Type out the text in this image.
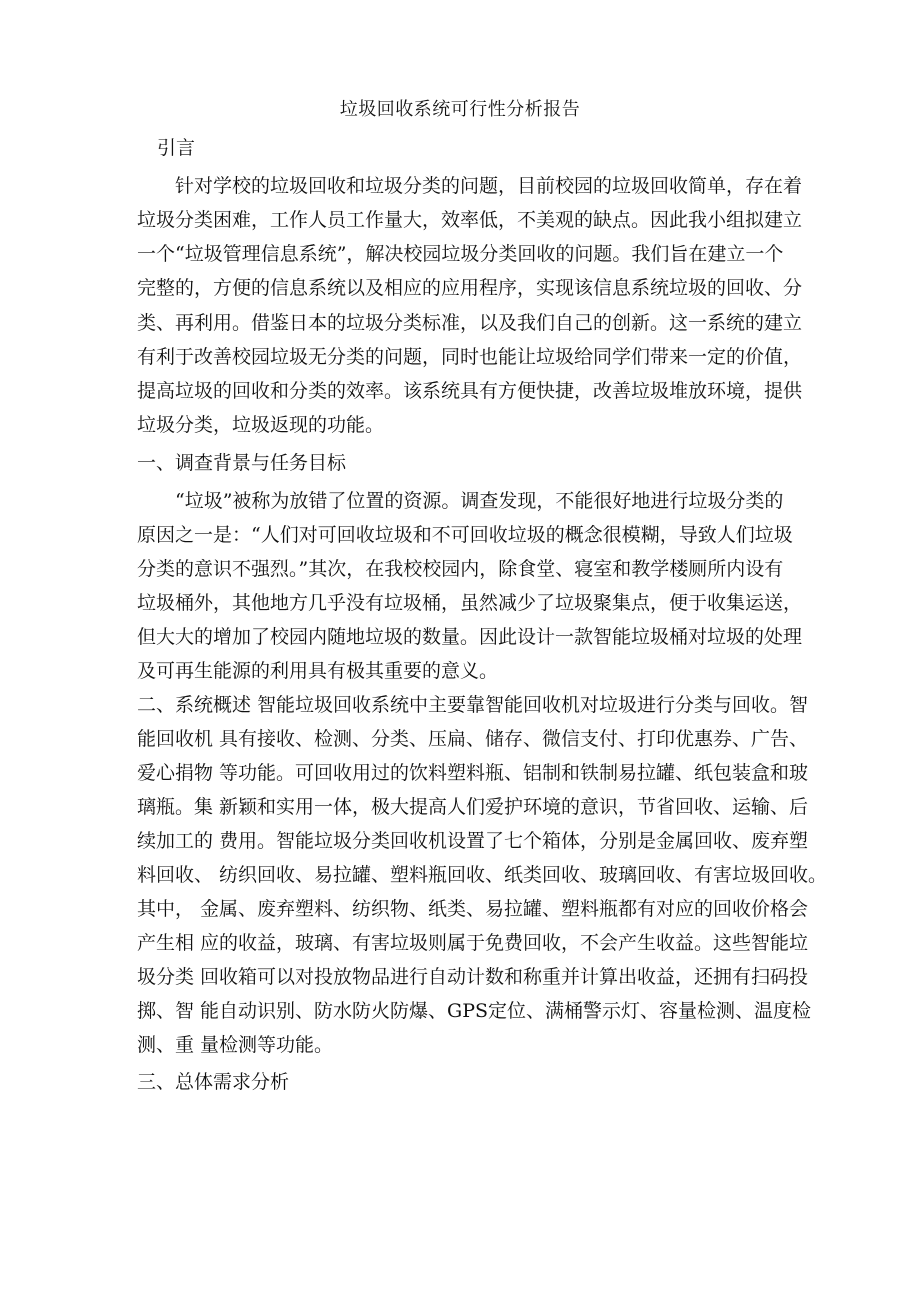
垃圾回收系统可行性分析报告
引言
针对学校的垃圾回收和垃圾分类的问题，目前校园的垃圾回收简单，存在着
垃圾分类困难，工作人员工作量大，效率低，不美观的缺点。因此我小组拟建立
一个“垃圾管理信息系统”，解决校园垃圾分类回收的问题。我们旨在建立一个
完整的，方便的信息系统以及相应的应用程序，实现该信息系统垃圾的回收、分
类、再利用。借鉴日本的垃圾分类标准，以及我们自己的创新。这一系统的建立
有利于改善校园垃圾无分类的问题，同时也能让垃圾给同学们带来一定的价值，
提高垃圾的回收和分类的效率。该系统具有方便快捷，改善垃圾堆放环境，提供
垃圾分类，垃圾返现的功能。
一、调查背景与任务目标
“垃圾”被称为放错了位置的资源。调查发现，不能很好地进行垃圾分类的
原因之一是：“人们对可回收垃圾和不可回收垃圾的概念很模糊，导致人们垃圾
分类的意识不强烈。”其次，在我校校园内，除食堂、寝室和教学楼厕所内设有
垃圾桶外，其他地方几乎没有垃圾桶，虽然减少了垃圾聚集点，便于收集运送，
但大大的增加了校园内随地垃圾的数量。因此设计一款智能垃圾桶对垃圾的处理
及可再生能源的利用具有极其重要的意义。
二、系统概述 智能垃圾回收系统中主要靠智能回收机对垃圾进行分类与回收。智
能回收机 具有接收、检测、分类、压扁、储存、微信支付、打印优惠券、广告、
爱心捐物 等功能。可回收用过的饮料塑料瓶、铝制和铁制易拉罐、纸包装盒和玻
璃瓶。集 新颖和实用一体，极大提高人们爱护环境的意识，节省回收、运输、后
续加工的 费用。智能垃圾分类回收机设置了七个箱体，分别是金属回收、废弃塑
料回收、 纺织回收、易拉罐、塑料瓶回收、纸类回收、玻璃回收、有害垃圾回收。
其中， 金属、废弃塑料、纺织物、纸类、易拉罐、塑料瓶都有对应的回收价格会
产生相 应的收益，玻璃、有害垃圾则属于免费回收，不会产生收益。这些智能垃
圾分类 回收箱可以对投放物品进行自动计数和称重并计算出收益，还拥有扫码投
掷、智 能自动识别、防水防火防爆、GPS定位、满桶警示灯、容量检测、温度检
测、重 量检测等功能。
三、总体需求分析
